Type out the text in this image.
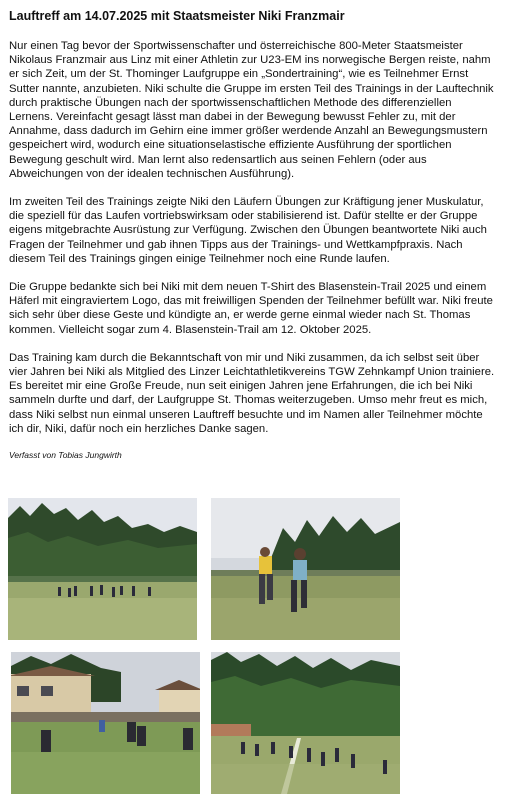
Lauftreff am 14.07.2025 mit Staatsmeister Niki Franzmair

Nur einen Tag bevor der Sportwissenschafter und österreichische 800-Meter Staatsmeister Nikolaus Franzmair aus Linz mit einer Athletin zur U23-EM ins norwegische Bergen reiste, nahm er sich Zeit, um der St. Thominger Laufgruppe ein „Sondertraining“, wie es Teilnehmer Ernst Sutter nannte, anzubieten. Niki schulte die Gruppe im ersten Teil des Trainings in der Lauftechnik durch praktische Übungen nach der sportwissenschaftlichen Methode des differenziellen Lernens. Vereinfacht gesagt lässt man dabei in der Bewegung bewusst Fehler zu, mit der Annahme, dass dadurch im Gehirn eine immer größer werdende Anzahl an Bewegungsmustern gespeichert wird, wodurch eine situationselastische effiziente Ausführung der sportlichen Bewegung geschult wird. Man lernt also redensartlich aus seinen Fehlern (oder aus Abweichungen von der idealen technischen Ausführung).

Im zweiten Teil des Trainings zeigte Niki den Läufern Übungen zur Kräftigung jener Muskulatur, die speziell für das Laufen vortriebswirksam oder stabilisierend ist. Dafür stellte er der Gruppe eigens mitgebrachte Ausrüstung zur Verfügung. Zwischen den Übungen beantwortete Niki auch Fragen der Teilnehmer und gab ihnen Tipps aus der Trainings- und Wettkampfpraxis. Nach diesem Teil des Trainings gingen einige Teilnehmer noch eine Runde laufen.

Die Gruppe bedankte sich bei Niki mit dem neuen T-Shirt des Blasenstein-Trail 2025 und einem Häferl mit eingraviertem Logo, das mit freiwilligen Spenden der Teilnehmer befüllt war. Niki freute sich sehr über diese Geste und kündigte an, er werde gerne einmal wieder nach St. Thomas kommen. Vielleicht sogar zum 4. Blasenstein-Trail am 12. Oktober 2025.

Das Training kam durch die Bekanntschaft von mir und Niki zusammen, da ich selbst seit über vier Jahren bei Niki als Mitglied des Linzer Leichtathletikvereins TGW Zehnkampf Union trainiere. Es bereitet mir eine Große Freude, nun seit einigen Jahren jene Erfahrungen, die ich bei Niki sammeln durfte und darf, der Laufgruppe St. Thomas weiterzugeben. Umso mehr freut es mich, dass Niki selbst nun einmal unseren Lauftreff besuchte und im Namen aller Teilnehmer möchte ich dir, Niki, dafür noch ein herzliches Danke sagen.

Verfasst von Tobias Jungwirth
